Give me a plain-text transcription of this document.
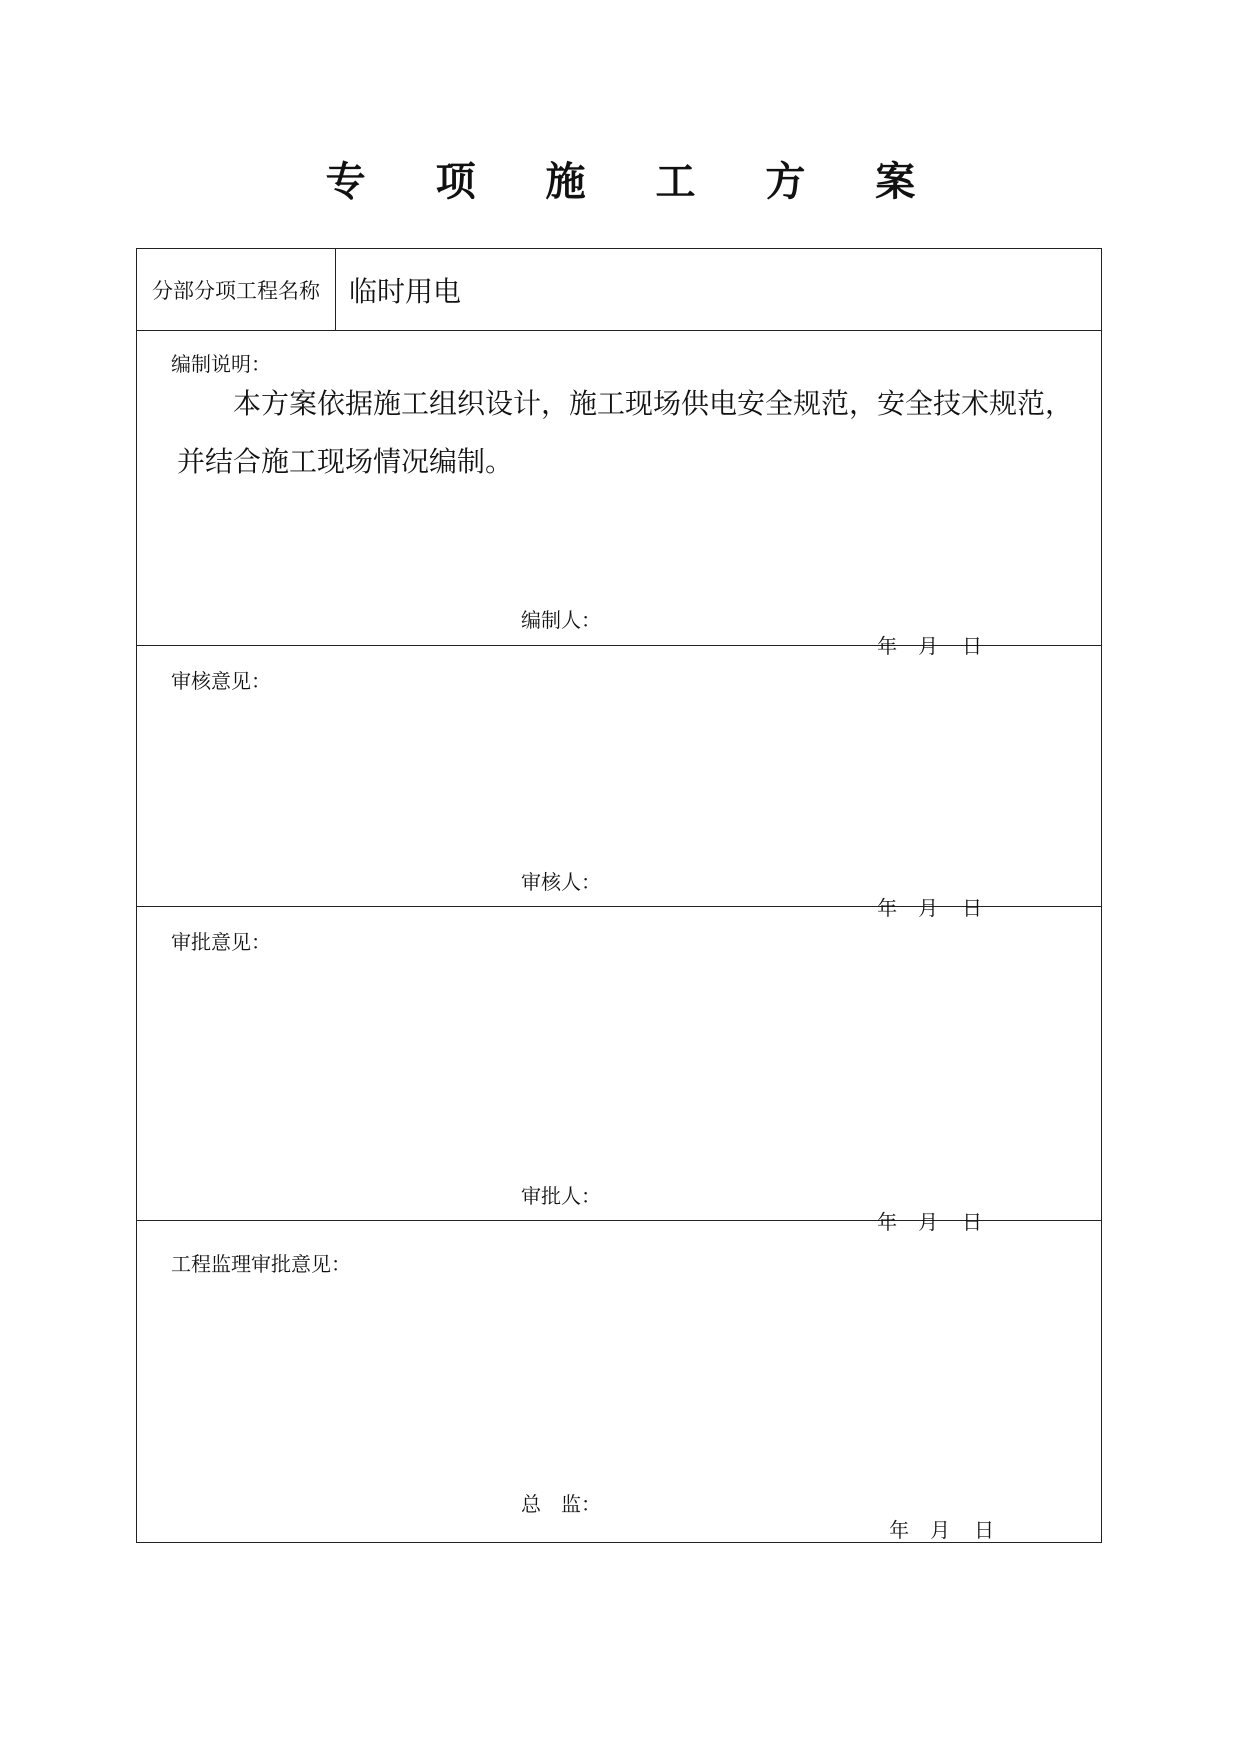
专 项 施 工 方 案
分部分项工程名称	临时用电
编制说明：
本方案依据施工组织设计，施工现场供电安全规范，安全技术规范，并结合施工现场情况编制。
编制人：

年 月 日

审核意见：
审核人：

年 月 日

审批意见：
审批人：

年 月 日

工程监理审批意见：
总　监：

年 月 日
